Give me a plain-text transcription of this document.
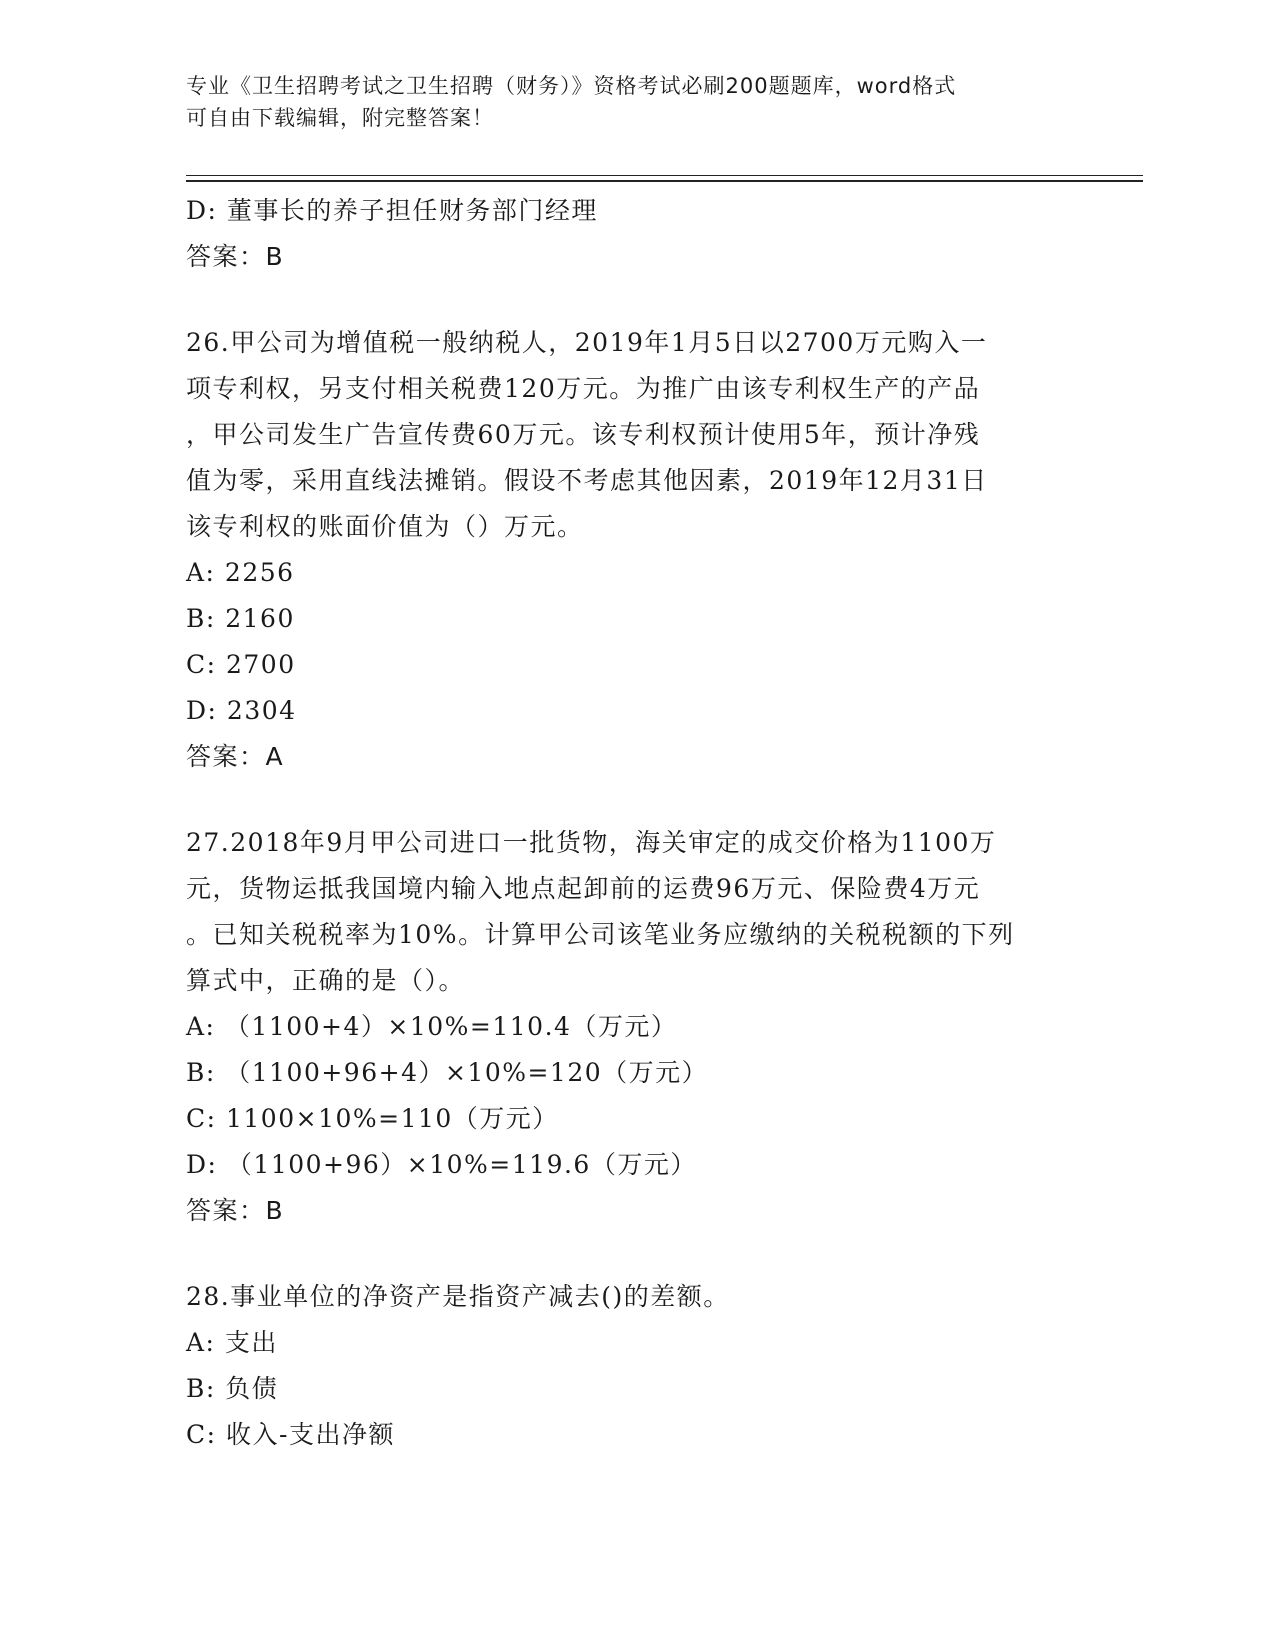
专业《卫生招聘考试之卫生招聘（财务）》资格考试必刷200题题库，word格式
可自由下载编辑，附完整答案！

D: 董事长的养子担任财务部门经理

答案：B

26.甲公司为增值税一般纳税人，2019年1月5日以2700万元购入一

项专利权，另支付相关税费120万元。为推广由该专利权生产的产品

，甲公司发生广告宣传费60万元。该专利权预计使用5年，预计净残

值为零，采用直线法摊销。假设不考虑其他因素，2019年12月31日

该专利权的账面价值为（）万元。

A: 2256

B: 2160

C: 2700

D: 2304

答案：A

27.2018年9月甲公司进口一批货物，海关审定的成交价格为1100万

元，货物运抵我国境内输入地点起卸前的运费96万元、保险费4万元

。已知关税税率为10%。计算甲公司该笔业务应缴纳的关税税额的下列

算式中，正确的是（）。

A: （1100+4）×10%=110.4（万元）

B: （1100+96+4）×10%=120（万元）

C: 1100×10%=110（万元）

D: （1100+96）×10%=119.6（万元）

答案：B

28.事业单位的净资产是指资产减去()的差额。

A: 支出

B: 负债

C: 收入-支出净额
